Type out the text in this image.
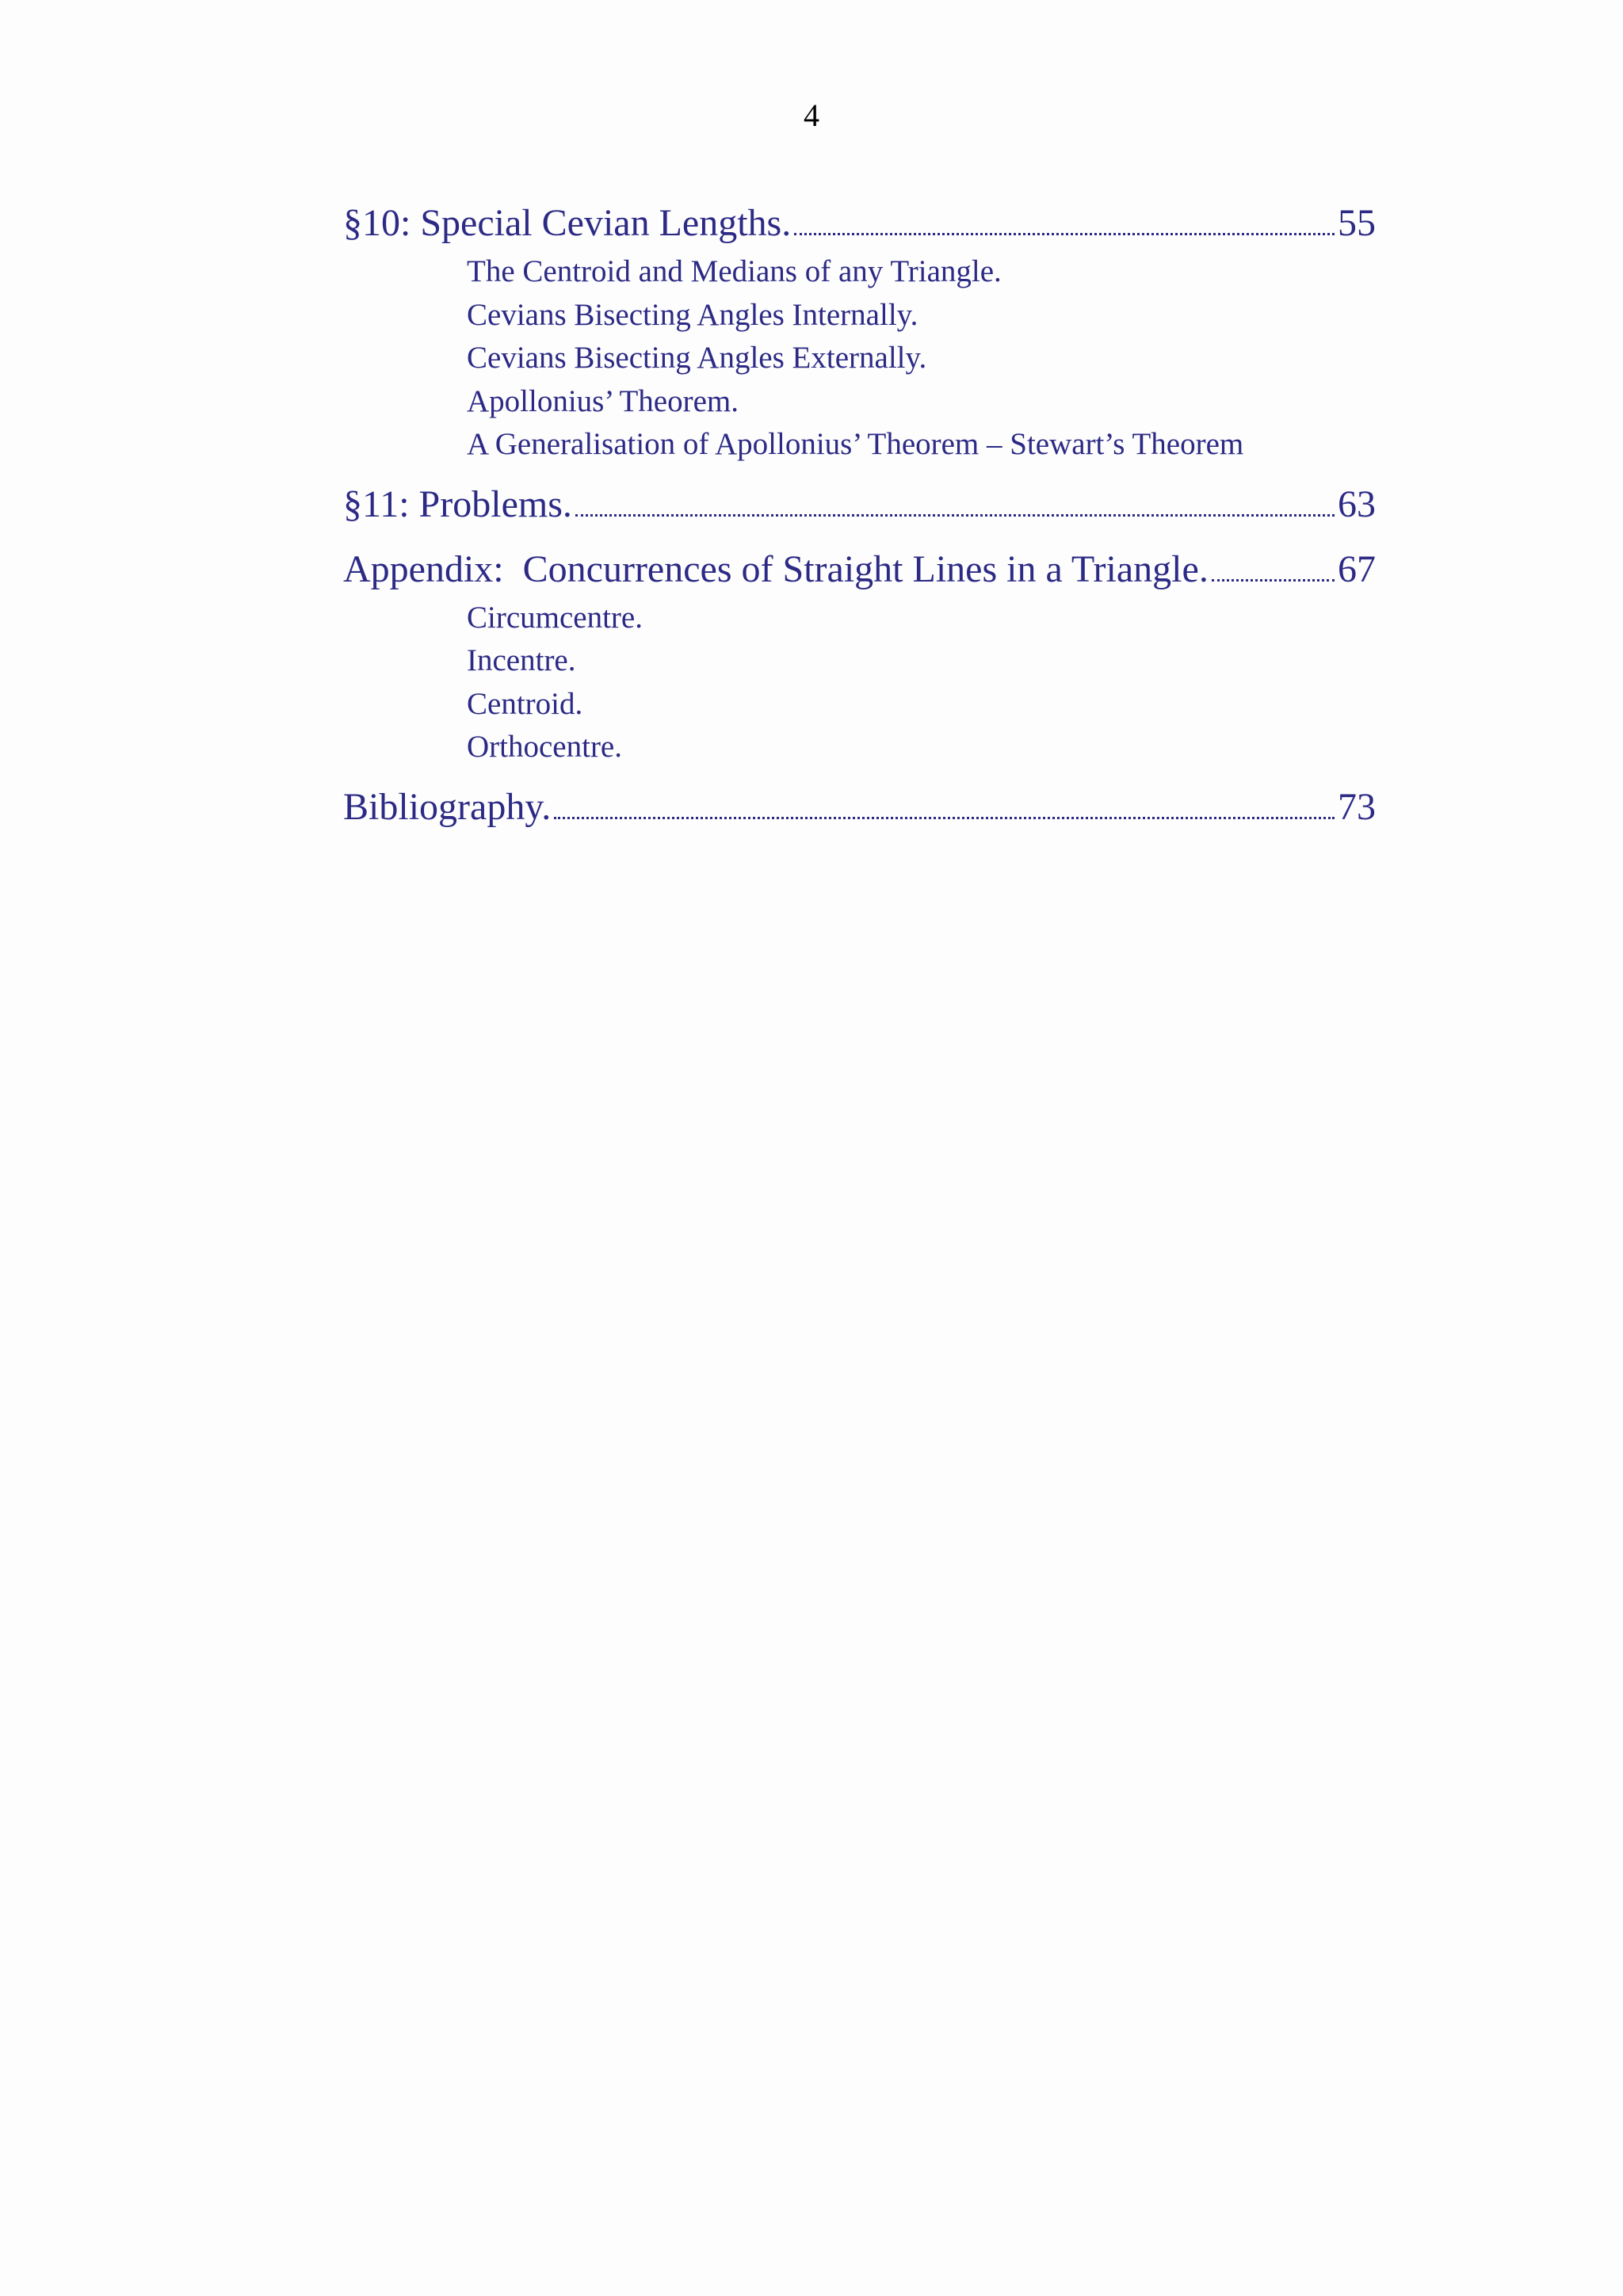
4
§10: Special Cevian Lengths.	55
The Centroid and Medians of any Triangle.
Cevians Bisecting Angles Internally.
Cevians Bisecting Angles Externally.
Apollonius’ Theorem.
A Generalisation of Apollonius’ Theorem – Stewart’s Theorem
§11: Problems.	63
Appendix:  Concurrences of Straight Lines in a Triangle.	67
Circumcentre.
Incentre.
Centroid.
Orthocentre.
Bibliography.	73
